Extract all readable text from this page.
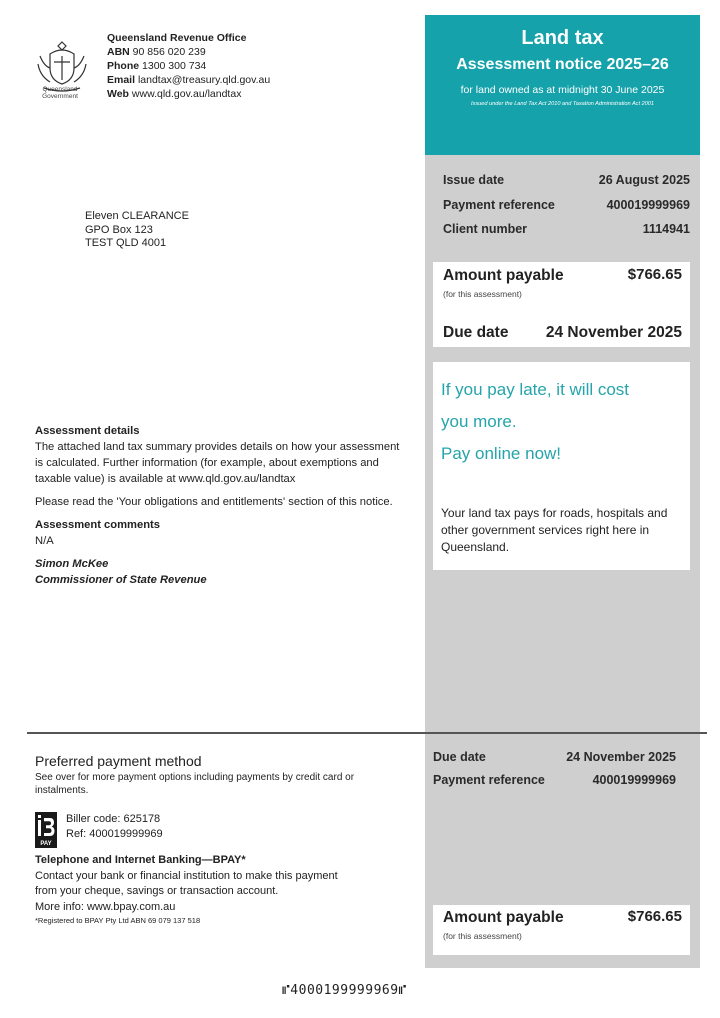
Queensland
Government
Queensland Revenue Office
ABN 90 856 020 239
Phone 1300 300 734
Email landtax@treasury.qld.gov.au
Web www.qld.gov.au/landtax
Eleven CLEARANCE
GPO Box 123
TEST QLD 4001
Land tax
Assessment notice 2025–26
for land owned as at midnight 30 June 2025
Issued under the Land Tax Act 2010 and Taxation Administration Act 2001
Issue date	26 August 2025
Payment reference	400019999969
Client number	1114941
Amount payable
(for this assessment)
$766.65
Due date 24 November 2025
If you pay late, it will cost
you more.
Pay online now!
Your land tax pays for roads, hospitals and other government services right here in Queensland.

Assessment details

The attached land tax summary provides details on how your assessment is calculated. Further information (for example, about exemptions and taxable value) is available at www.qld.gov.au/landtax

Please read the 'Your obligations and entitlements' section of this notice.

Assessment comments

N/A

Simon McKee

Commissioner of State Revenue

Preferred payment method
See over for more payment options including payments by credit card or instalments.
PAY
Biller code: 625178
Ref: 400019999969
Telephone and Internet Banking—BPAY*
Contact your bank or financial institution to make this payment from your cheque, savings or transaction account.
More info: www.bpay.com.au
*Registered to BPAY Pty Ltd ABN 69 079 137 518
Due date	24 November 2025
Payment reference	400019999969
Amount payable
(for this assessment)
$766.65
⑈4000199999969⑈
